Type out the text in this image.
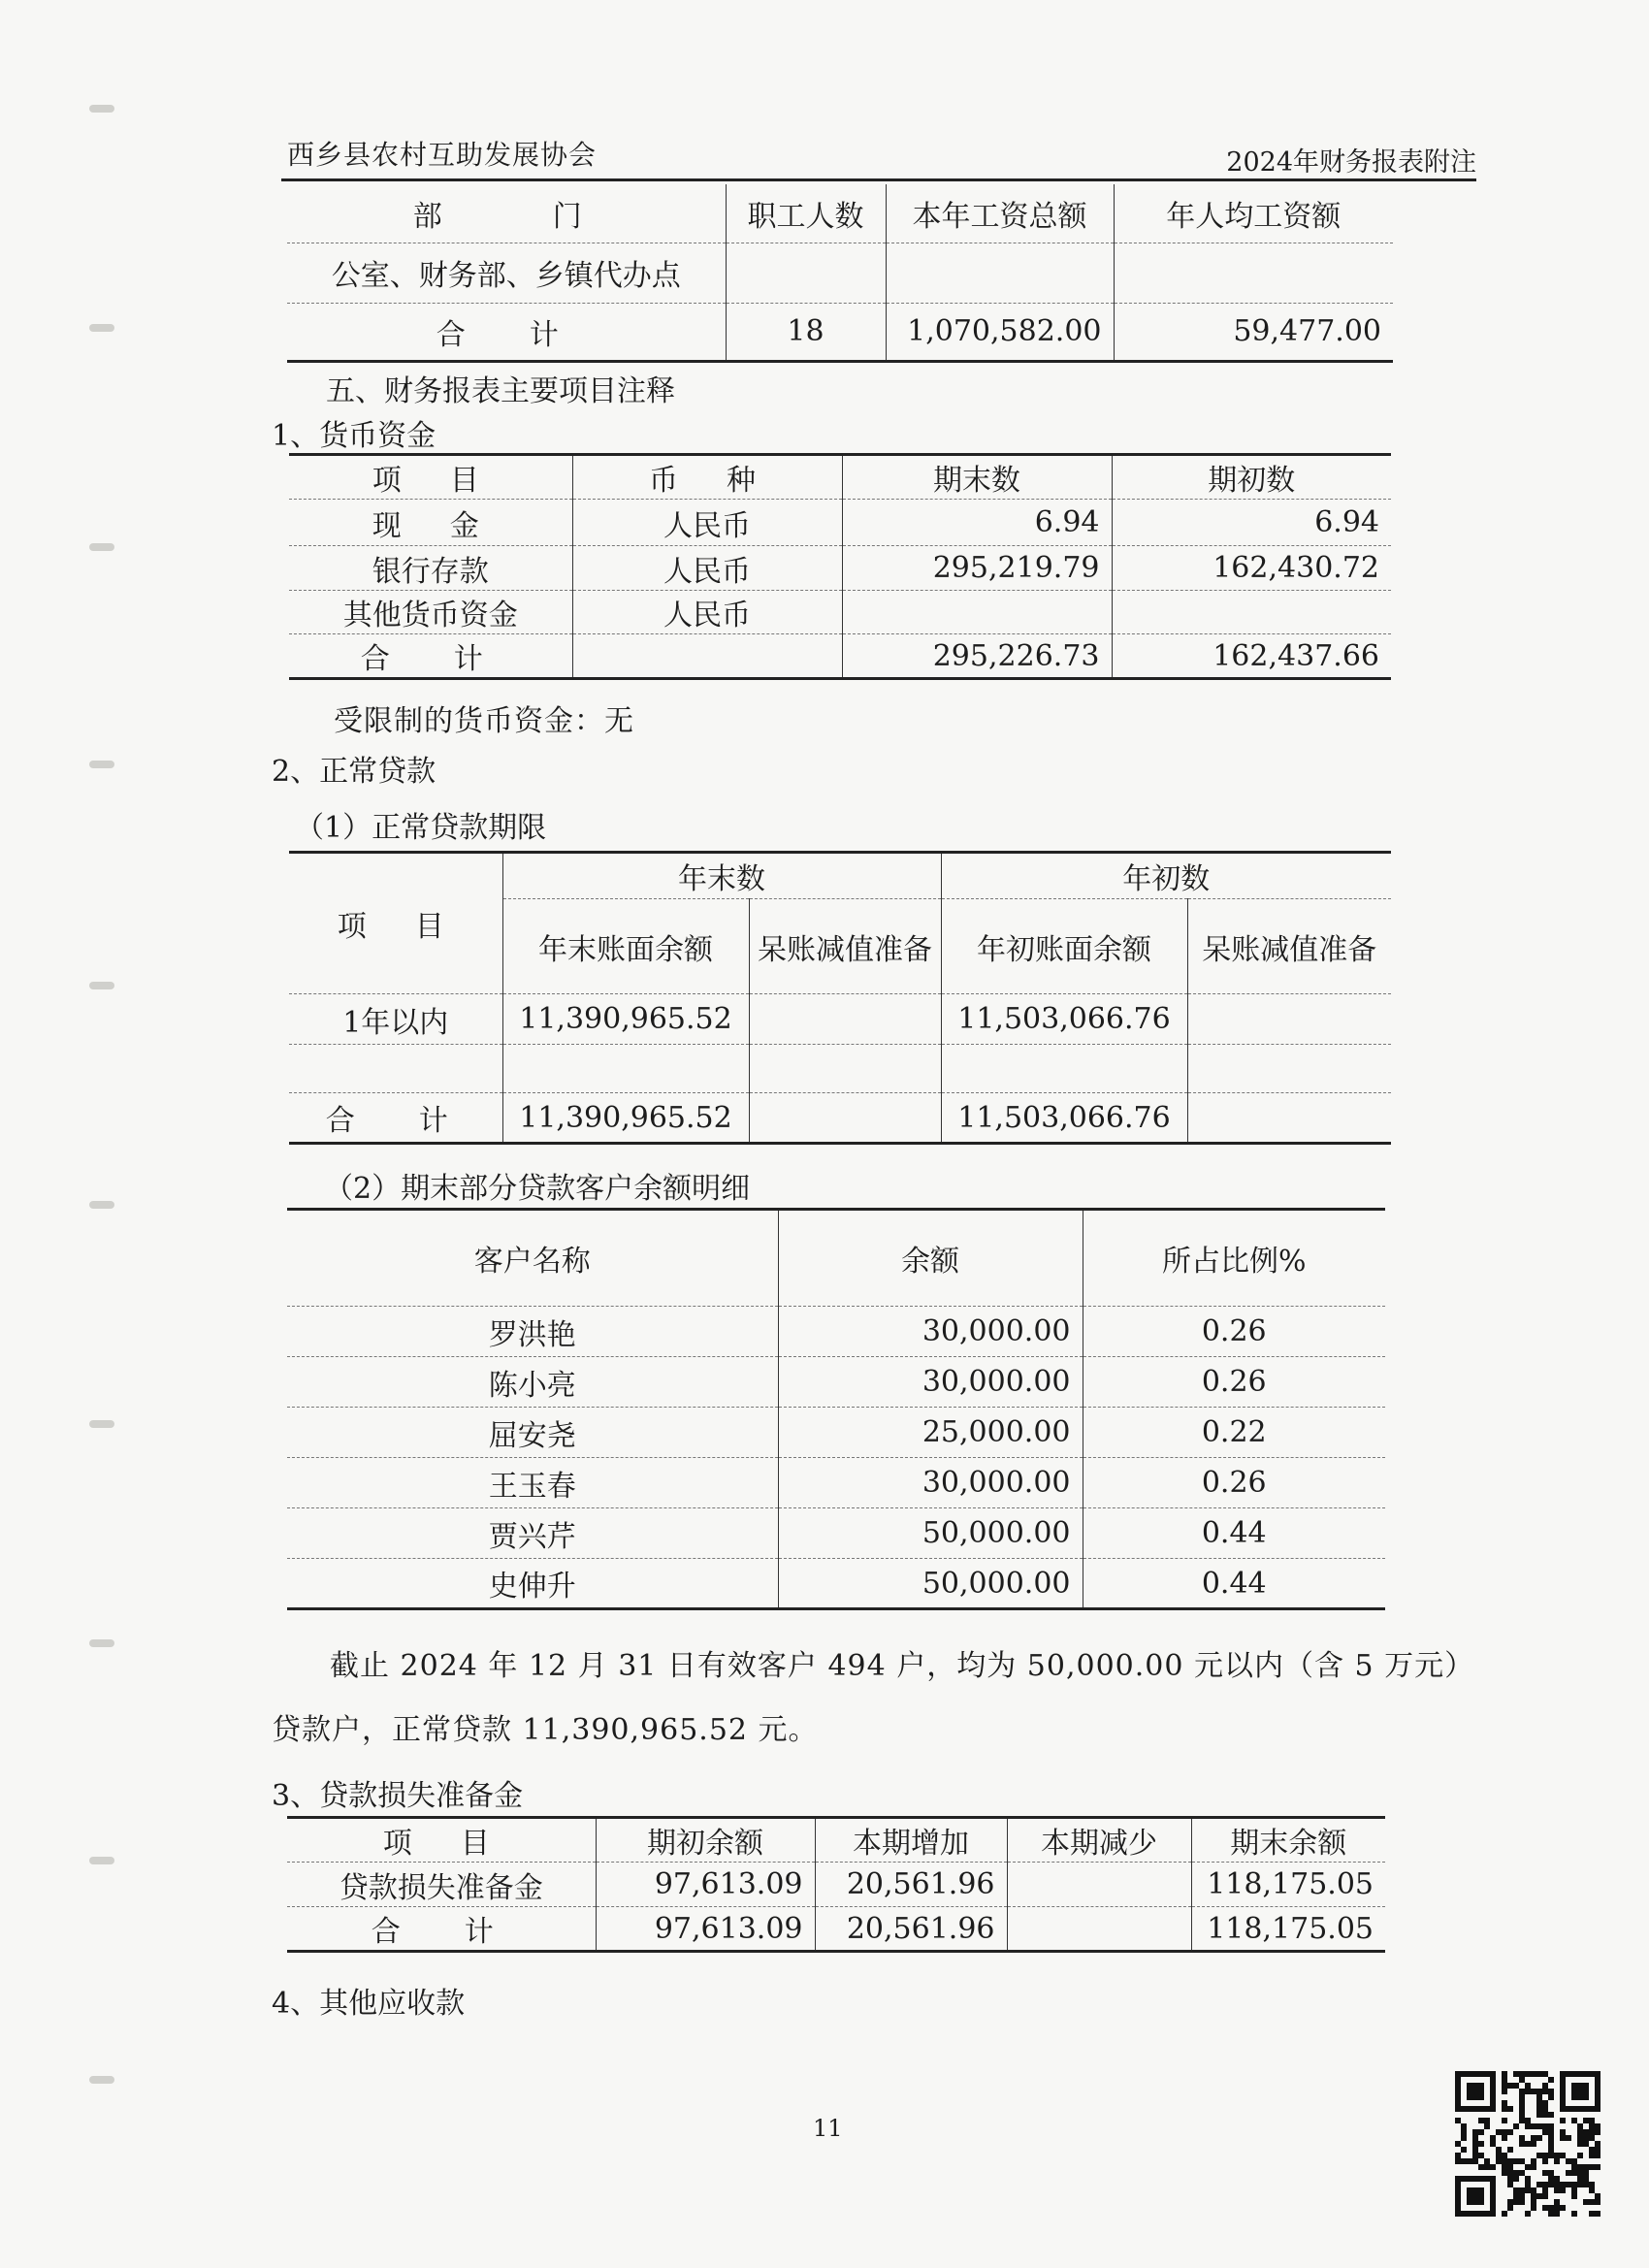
西乡县农村互助发展协会	2024年财务报表附注
部　　门	职工人数	本年工资总额	年人均工资额
公室、财务部、乡镇代办点			
合　计	18	1,070,582.00	59,477.00
五、财务报表主要项目注释
1、货币资金
项　目	币　种	期末数	期初数
现　金	人民币	6.94	6.94
银行存款	人民币	295,219.79	162,430.72
其他货币资金	人民币		
合　计		295,226.73	162,437.66
受限制的货币资金：无
2、正常贷款
（1）正常贷款期限
项　目	年末数		年初数	
	年末账面余额	呆账减值准备	年初账面余额	呆账减值准备
1年以内	11,390,965.52		11,503,066.76	

合　计	11,390,965.52		11,503,066.76	
（2）期末部分贷款客户余额明细
客户名称	余额	所占比例%
罗洪艳	30,000.00	0.26
陈小亮	30,000.00	0.26
屈安尧	25,000.00	0.22
王玉春	30,000.00	0.26
贾兴芹	50,000.00	0.44
史伸升	50,000.00	0.44
截止 2024 年 12 月 31 日有效客户 494 户，均为 50,000.00 元以内（含 5 万元）
贷款户，正常贷款 11,390,965.52 元。
3、贷款损失准备金
项　目	期初余额	本期增加	本期减少	期末余额
贷款损失准备金	97,613.09	20,561.96		118,175.05
合　计	97,613.09	20,561.96		118,175.05
4、其他应收款
11
